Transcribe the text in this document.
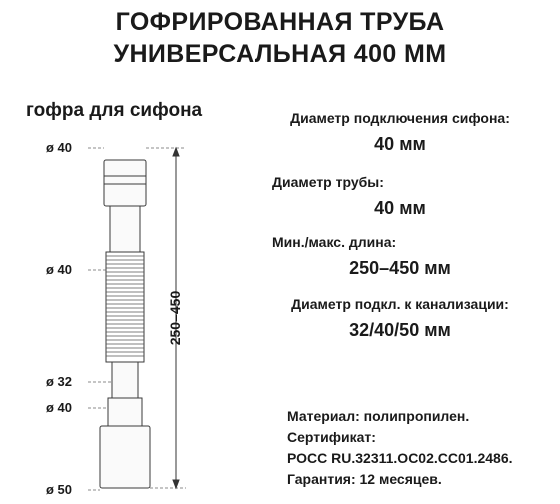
ГОФРИРОВАННАЯ ТРУБА
УНИВЕРСАЛЬНАЯ 400 ММ
гофра для сифона
ø 40
ø 40
ø 32
ø 40
ø 50
250–450
Диаметр подключения сифона:
40 мм
Диаметр трубы:
40 мм
Мин./макс. длина:
250–450 мм
Диаметр подкл. к канализации:
32/40/50 мм
Материал: полипропилен.
Сертификат:
РОСС RU.32311.ОС02.СС01.2486.
Гарантия: 12 месяцев.
